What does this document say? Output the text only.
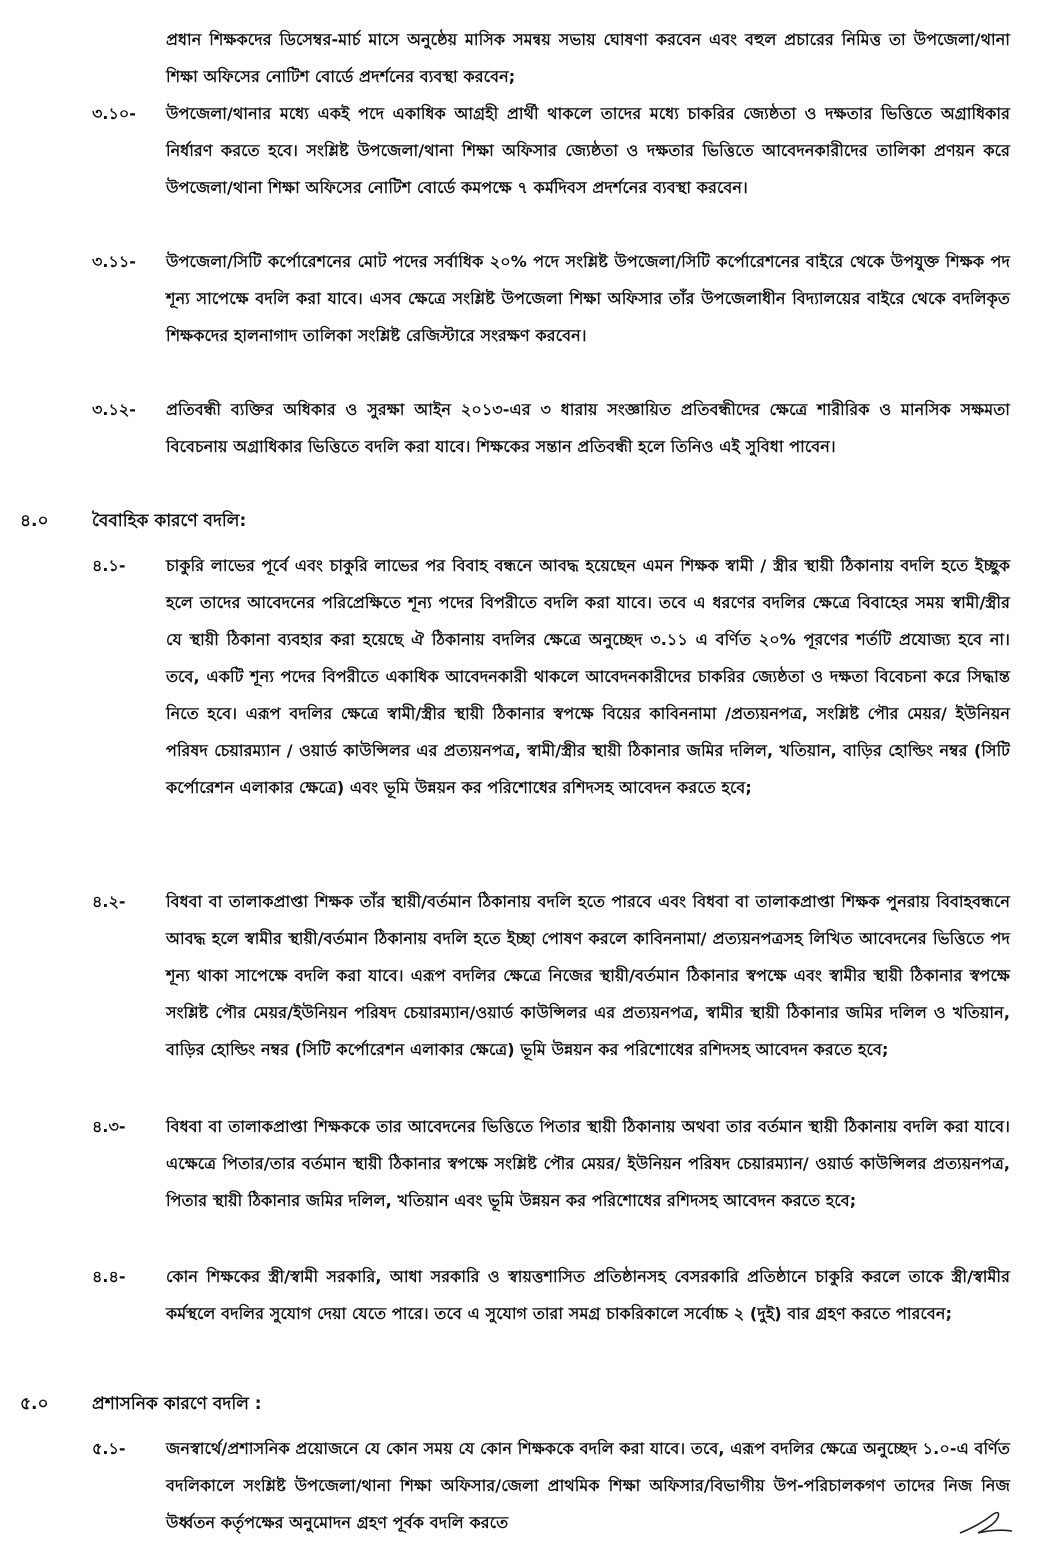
প্রধান শিক্ষকদের ডিসেম্বর-মার্চ মাসে অনুষ্ঠেয় মাসিক সমন্বয় সভায় ঘোষণা করবেন এবং বহুল প্রচারের নিমিত্ত তা উপজেলা/থানা শিক্ষা অফিসের নোটিশ বোর্ডে প্রদর্শনের ব্যবস্থা করবেন;
৩.১০- উপজেলা/থানার মধ্যে একই পদে একাধিক আগ্রহী প্রার্থী থাকলে তাদের মধ্যে চাকরির জ্যেষ্ঠতা ও দক্ষতার ভিত্তিতে অগ্রাধিকার নির্ধারণ করতে হবে। সংশ্লিষ্ট উপজেলা/থানা শিক্ষা অফিসার জ্যেষ্ঠতা ও দক্ষতার ভিত্তিতে আবেদনকারীদের তালিকা প্রণয়ন করে উপজেলা/থানা শিক্ষা অফিসের নোটিশ বোর্ডে কমপক্ষে ৭ কর্মদিবস প্রদর্শনের ব্যবস্থা করবেন।
৩.১১- উপজেলা/সিটি কর্পোরেশনের মোট পদের সর্বাধিক ২০% পদে সংশ্লিষ্ট উপজেলা/সিটি কর্পোরেশনের বাইরে থেকে উপযুক্ত শিক্ষক পদ শূন্য সাপেক্ষে বদলি করা যাবে। এসব ক্ষেত্রে সংশ্লিষ্ট উপজেলা শিক্ষা অফিসার তাঁর উপজেলাধীন বিদ্যালয়ের বাইরে থেকে বদলিকৃত শিক্ষকদের হালনাগাদ তালিকা সংশ্লিষ্ট রেজিস্টারে সংরক্ষণ করবেন।
৩.১২- প্রতিবন্ধী ব্যক্তির অধিকার ও সুরক্ষা আইন ২০১৩-এর ৩ ধারায় সংজ্ঞায়িত প্রতিবন্ধীদের ক্ষেত্রে শারীরিক ও মানসিক সক্ষমতা বিবেচনায় অগ্রাধিকার ভিত্তিতে বদলি করা যাবে। শিক্ষকের সন্তান প্রতিবন্ধী হলে তিনিও এই সুবিধা পাবেন।
৪.০	বৈবাহিক কারণে বদলি:
৪.১-	চাকুরি লাভের পূর্বে এবং চাকুরি লাভের পর বিবাহ বন্ধনে আবদ্ধ হয়েছেন এমন শিক্ষক স্বামী / স্ত্রীর স্থায়ী ঠিকানায় বদলি হতে ইচ্ছুক হলে তাদের আবেদনের পরিপ্রেক্ষিতে শূন্য পদের বিপরীতে বদলি করা যাবে। তবে এ ধরণের বদলির ক্ষেত্রে বিবাহের সময় স্বামী/স্ত্রীর যে স্থায়ী ঠিকানা ব্যবহার করা হয়েছে ঐ ঠিকানায় বদলির ক্ষেত্রে অনুচ্ছেদ ৩.১১ এ বর্ণিত ২০% পূরণের শর্তটি প্রযোজ্য হবে না। তবে, একটি শূন্য পদের বিপরীতে একাধিক আবেদনকারী থাকলে আবেদনকারীদের চাকরির জ্যেষ্ঠতা ও দক্ষতা বিবেচনা করে সিদ্ধান্ত নিতে হবে। এরূপ বদলির ক্ষেত্রে স্বামী/স্ত্রীর স্থায়ী ঠিকানার স্বপক্ষে বিয়ের কাবিননামা /প্রত্যয়নপত্র, সংশ্লিষ্ট পৌর মেয়র/ ইউনিয়ন পরিষদ চেয়ারম্যান / ওয়ার্ড কাউন্সিলর এর প্রত্যয়নপত্র, স্বামী/স্ত্রীর স্থায়ী ঠিকানার জমির দলিল, খতিয়ান, বাড়ির হোল্ডিং নম্বর (সিটি কর্পোরেশন এলাকার ক্ষেত্রে) এবং ভূমি উন্নয়ন কর পরিশোধের রশিদসহ আবেদন করতে হবে;
৪.২-	বিধবা বা তালাকপ্রাপ্তা শিক্ষক তাঁর স্থায়ী/বর্তমান ঠিকানায় বদলি হতে পারবে এবং বিধবা বা তালাকপ্রাপ্তা শিক্ষক পুনরায় বিবাহবন্ধনে আবদ্ধ হলে স্বামীর স্থায়ী/বর্তমান ঠিকানায় বদলি হতে ইচ্ছা পোষণ করলে কাবিননামা/ প্রত্যয়নপত্রসহ লিখিত আবেদনের ভিত্তিতে পদ শূন্য থাকা সাপেক্ষে বদলি করা যাবে। এরূপ বদলির ক্ষেত্রে নিজের স্থায়ী/বর্তমান ঠিকানার স্বপক্ষে এবং স্বামীর স্থায়ী ঠিকানার স্বপক্ষে সংশ্লিষ্ট পৌর মেয়র/ইউনিয়ন পরিষদ চেয়ারম্যান/ওয়ার্ড কাউন্সিলর এর প্রত্যয়নপত্র, স্বামীর স্থায়ী ঠিকানার জমির দলিল ও খতিয়ান, বাড়ির হোল্ডিং নম্বর (সিটি কর্পোরেশন এলাকার ক্ষেত্রে) ভূমি উন্নয়ন কর পরিশোধের রশিদসহ আবেদন করতে হবে;
৪.৩-	বিধবা বা তালাকপ্রাপ্তা শিক্ষককে তার আবেদনের ভিত্তিতে পিতার স্থায়ী ঠিকানায় অথবা তার বর্তমান স্থায়ী ঠিকানায় বদলি করা যাবে। এক্ষেত্রে পিতার/তার বর্তমান স্থায়ী ঠিকানার স্বপক্ষে সংশ্লিষ্ট পৌর মেয়র/ ইউনিয়ন পরিষদ চেয়ারম্যান/ ওয়ার্ড কাউন্সিলর প্রত্যয়নপত্র, পিতার স্থায়ী ঠিকানার জমির দলিল, খতিয়ান এবং ভূমি উন্নয়ন কর পরিশোধের রশিদসহ আবেদন করতে হবে;
৪.৪-	কোন শিক্ষকের স্ত্রী/স্বামী সরকারি, আধা সরকারি ও স্বায়ত্তশাসিত প্রতিষ্ঠানসহ বেসরকারি প্রতিষ্ঠানে চাকুরি করলে তাকে স্ত্রী/স্বামীর কর্মস্থলে বদলির সুযোগ দেয়া যেতে পারে। তবে এ সুযোগ তারা সমগ্র চাকরিকালে সর্বোচ্চ ২ (দুই) বার গ্রহণ করতে পারবেন;
৫.০	প্রশাসনিক কারণে বদলি :
৫.১-	জনস্বার্থে/প্রশাসনিক প্রয়োজনে যে কোন সময় যে কোন শিক্ষককে বদলি করা যাবে। তবে, এরূপ বদলির ক্ষেত্রে অনুচ্ছেদ ১.০-এ বর্ণিত বদলিকালে সংশ্লিষ্ট উপজেলা/থানা শিক্ষা অফিসার/জেলা প্রাথমিক শিক্ষা অফিসার/বিভাগীয় উপ-পরিচালকগণ তাদের নিজ নিজ উর্ধ্বতন কর্তৃপক্ষের অনুমোদন গ্রহণ পূর্বক বদলি করতে
